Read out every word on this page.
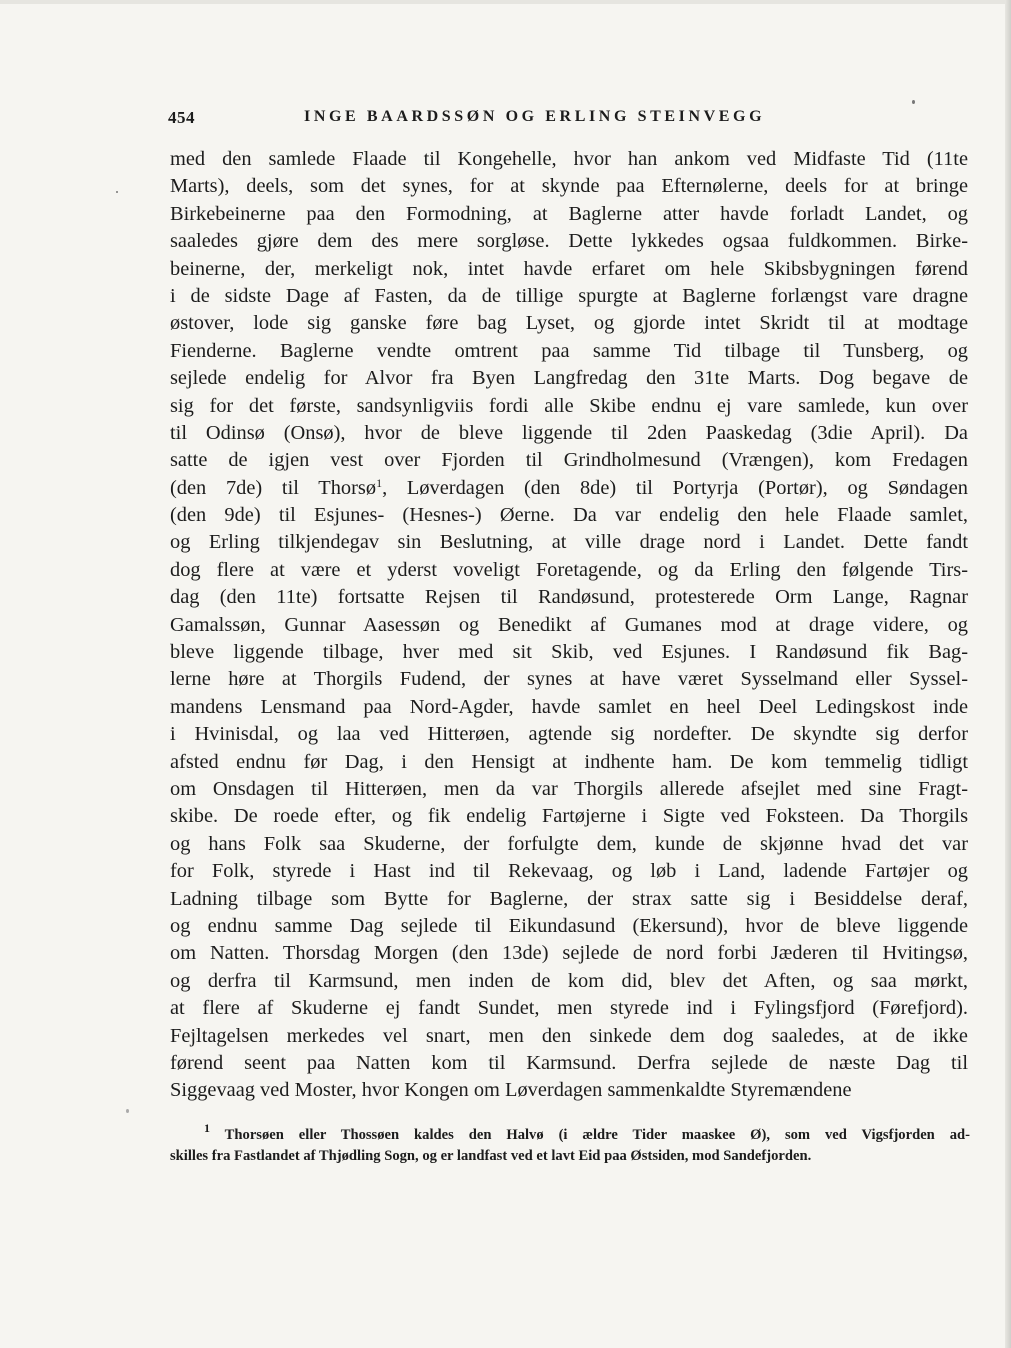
454	INGE BAARDSSØN OG ERLING STEINVEGG
med den samlede Flaade til Kongehelle, hvor han ankom ved Midfaste Tid (11te
Marts), deels, som det synes, for at skynde paa Efternølerne, deels for at bringe
Birkebeinerne paa den Formodning, at Baglerne atter havde forladt Landet, og
saaledes gjøre dem des mere sorgløse. Dette lykkedes ogsaa fuldkommen. Birke-
beinerne, der, merkeligt nok, intet havde erfaret om hele Skibsbygningen førend
i de sidste Dage af Fasten, da de tillige spurgte at Baglerne forlængst vare dragne
østover, lode sig ganske føre bag Lyset, og gjorde intet Skridt til at modtage
Fienderne. Baglerne vendte omtrent paa samme Tid tilbage til Tunsberg, og
sejlede endelig for Alvor fra Byen Langfredag den 31te Marts. Dog begave de
sig for det første, sandsynligviis fordi alle Skibe endnu ej vare samlede, kun over
til Odinsø (Onsø), hvor de bleve liggende til 2den Paaskedag (3die April). Da
satte de igjen vest over Fjorden til Grindholmesund (Vrængen), kom Fredagen
(den 7de) til Thorsø$^1$, Løverdagen (den 8de) til Portyrja (Portør), og Søndagen
(den 9de) til Esjunes- (Hesnes-) Øerne. Da var endelig den hele Flaade samlet,
og Erling tilkjendegav sin Beslutning, at ville drage nord i Landet. Dette fandt
dog flere at være et yderst voveligt Foretagende, og da Erling den følgende Tirs-
dag (den 11te) fortsatte Rejsen til Randøsund, protesterede Orm Lange, Ragnar
Gamalssøn, Gunnar Aasessøn og Benedikt af Gumanes mod at drage videre, og
bleve liggende tilbage, hver med sit Skib, ved Esjunes. I Randøsund fik Bag-
lerne høre at Thorgils Fudend, der synes at have været Sysselmand eller Syssel-
mandens Lensmand paa Nord-Agder, havde samlet en heel Deel Ledingskost inde
i Hvinisdal, og laa ved Hitterøen, agtende sig nordefter. De skyndte sig derfor
afsted endnu før Dag, i den Hensigt at indhente ham. De kom temmelig tidligt
om Onsdagen til Hitterøen, men da var Thorgils allerede afsejlet med sine Fragt-
skibe. De roede efter, og fik endelig Fartøjerne i Sigte ved Foksteen. Da Thorgils
og hans Folk saa Skuderne, der forfulgte dem, kunde de skjønne hvad det var
for Folk, styrede i Hast ind til Rekevaag, og løb i Land, ladende Fartøjer og
Ladning tilbage som Bytte for Baglerne, der strax satte sig i Besiddelse deraf,
og endnu samme Dag sejlede til Eikundasund (Ekersund), hvor de bleve liggende
om Natten. Thorsdag Morgen (den 13de) sejlede de nord forbi Jæderen til Hvitingsø,
og derfra til Karmsund, men inden de kom did, blev det Aften, og saa mørkt,
at flere af Skuderne ej fandt Sundet, men styrede ind i Fylingsfjord (Førefjord).
Fejltagelsen merkedes vel snart, men den sinkede dem dog saaledes, at de ikke
førend seent paa Natten kom til Karmsund. Derfra sejlede de næste Dag til
Siggevaag ved Moster, hvor Kongen om Løverdagen sammenkaldte Styremændene
$^1$ Thorsøen eller Thossøen kaldes den Halvø (i ældre Tider maaskee Ø), som ved Vigsfjorden ad-
skilles fra Fastlandet af Thjødling Sogn, og er landfast ved et lavt Eid paa Østsiden, mod Sandefjorden.
